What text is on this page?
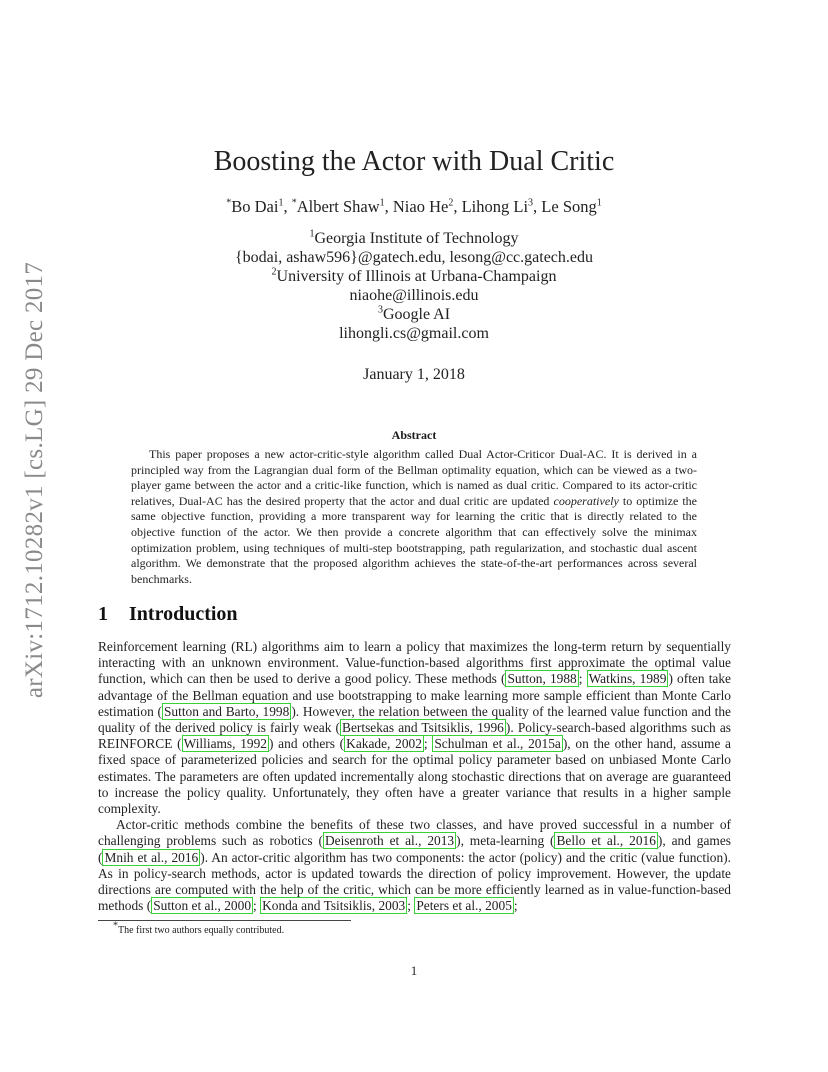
arXiv:1712.10282v1 [cs.LG] 29 Dec 2017
Boosting the Actor with Dual Critic
*Bo Dai$^1$, *Albert Shaw$^1$, Niao He$^2$, Lihong Li$^3$, Le Song$^1$
$^1$Georgia Institute of Technology
{bodai, ashaw596}@gatech.edu, lesong@cc.gatech.edu
$^2$University of Illinois at Urbana-Champaign
niaohe@illinois.edu
$^3$Google AI
lihongli.cs@gmail.com
January 1, 2018
Abstract

This paper proposes a new actor-critic-style algorithm called Dual Actor-Criticor Dual-AC. It is derived in a principled way from the Lagrangian dual form of the Bellman optimality equation, which can be viewed as a two-player game between the actor and a critic-like function, which is named as dual critic. Compared to its actor-critic relatives, Dual-AC has the desired property that the actor and dual critic are updated cooperatively to optimize the same objective function, providing a more transparent way for learning the critic that is directly related to the objective function of the actor. We then provide a concrete algorithm that can effectively solve the minimax optimization problem, using techniques of multi-step bootstrapping, path regularization, and stochastic dual ascent algorithm. We demonstrate that the proposed algorithm achieves the state-of-the-art performances across several benchmarks.

1 Introduction

Reinforcement learning (RL) algorithms aim to learn a policy that maximizes the long-term return by sequentially interacting with an unknown environment. Value-function-based algorithms first approximate the optimal value function, which can then be used to derive a good policy. These methods ( Sutton, 1988 ; Watkins, 1989 ) often take advantage of the Bellman equation and use bootstrapping to make learning more sample efficient than Monte Carlo estimation ( Sutton and Barto, 1998 ). However, the relation between the quality of the learned value function and the quality of the derived policy is fairly weak ( Bertsekas and Tsitsiklis, 1996 ). Policy-search-based algorithms such as REINFORCE ( Williams, 1992 ) and others ( Kakade, 2002 ; Schulman et al., 2015a ), on the other hand, assume a fixed space of parameterized policies and search for the optimal policy parameter based on unbiased Monte Carlo estimates. The parameters are often updated incrementally along stochastic directions that on average are guaranteed to increase the policy quality. Unfortunately, they often have a greater variance that results in a higher sample complexity.

Actor-critic methods combine the benefits of these two classes, and have proved successful in a number of challenging problems such as robotics ( Deisenroth et al., 2013 ), meta-learning ( Bello et al., 2016 ), and games ( Mnih et al., 2016 ). An actor-critic algorithm has two components: the actor (policy) and the critic (value function). As in policy-search methods, actor is updated towards the direction of policy improvement. However, the update directions are computed with the help of the critic, which can be more efficiently learned as in value-function-based methods ( Sutton et al., 2000 ; Konda and Tsitsiklis, 2003 ; Peters et al., 2005 ;

*The first two authors equally contributed.
1
